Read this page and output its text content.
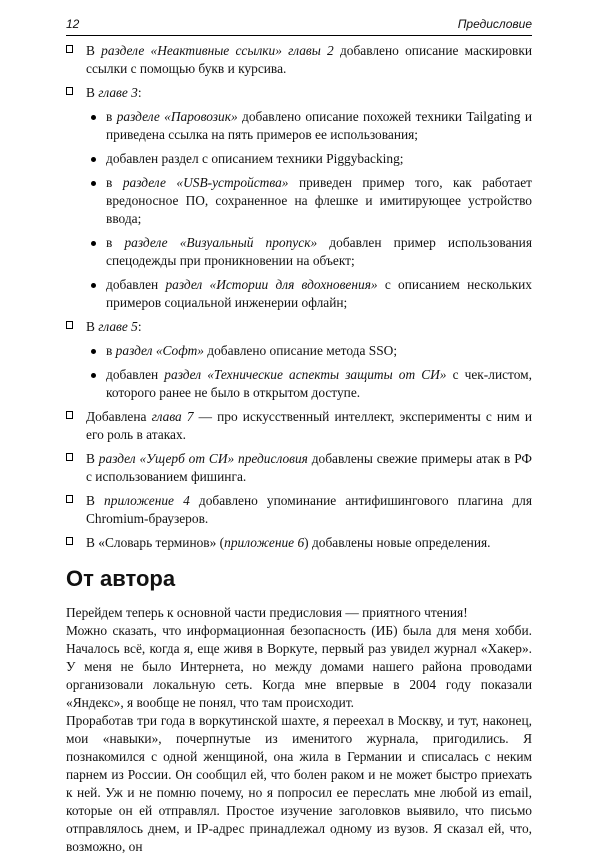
12	Предисловие
В разделе «Неактивные ссылки» главы 2 добавлено описание маскировки ссылки с помощью букв и курсива.
В главе 3:
в разделе «Паровозик» добавлено описание похожей техники Tailgating и приведена ссылка на пять примеров ее использования;
добавлен раздел с описанием техники Piggybacking;
в разделе «USB-устройства» приведен пример того, как работает вредоносное ПО, сохраненное на флешке и имитирующее устройство ввода;
в разделе «Визуальный пропуск» добавлен пример использования спецодежды при проникновении на объект;
добавлен раздел «Истории для вдохновения» с описанием нескольких примеров социальной инженерии офлайн;
В главе 5:
в раздел «Софт» добавлено описание метода SSO;
добавлен раздел «Технические аспекты защиты от СИ» с чек-листом, которого ранее не было в открытом доступе.
Добавлена глава 7 — про искусственный интеллект, эксперименты с ним и его роль в атаках.
В раздел «Ущерб от СИ» предисловия добавлены свежие примеры атак в РФ с использованием фишинга.
В приложение 4 добавлено упоминание антифишингового плагина для Chromium-браузеров.
В «Словарь терминов» (приложение 6) добавлены новые определения.
От автора

Перейдем теперь к основной части предисловия — приятного чтения!

Можно сказать, что информационная безопасность (ИБ) была для меня хобби. Началось всё, когда я, еще живя в Воркуте, первый раз увидел журнал «Хакер». У меня не было Интернета, но между домами нашего района проводами организовали локальную сеть. Когда мне впервые в 2004 году показали «Яндекс», я вообще не понял, что там происходит.

Проработав три года в воркутинской шахте, я переехал в Москву, и тут, наконец, мои «навыки», почерпнутые из именитого журнала, пригодились. Я познакомился с одной женщиной, она жила в Германии и списалась с неким парнем из России. Он сообщил ей, что болен раком и не может быстро приехать к ней. Уж и не помню почему, но я попросил ее переслать мне любой из email, которые он ей отправлял. Простое изучение заголовков выявило, что письмо отправлялось днем, и IP-адрес принадлежал одному из вузов. Я сказал ей, что, возможно, он
